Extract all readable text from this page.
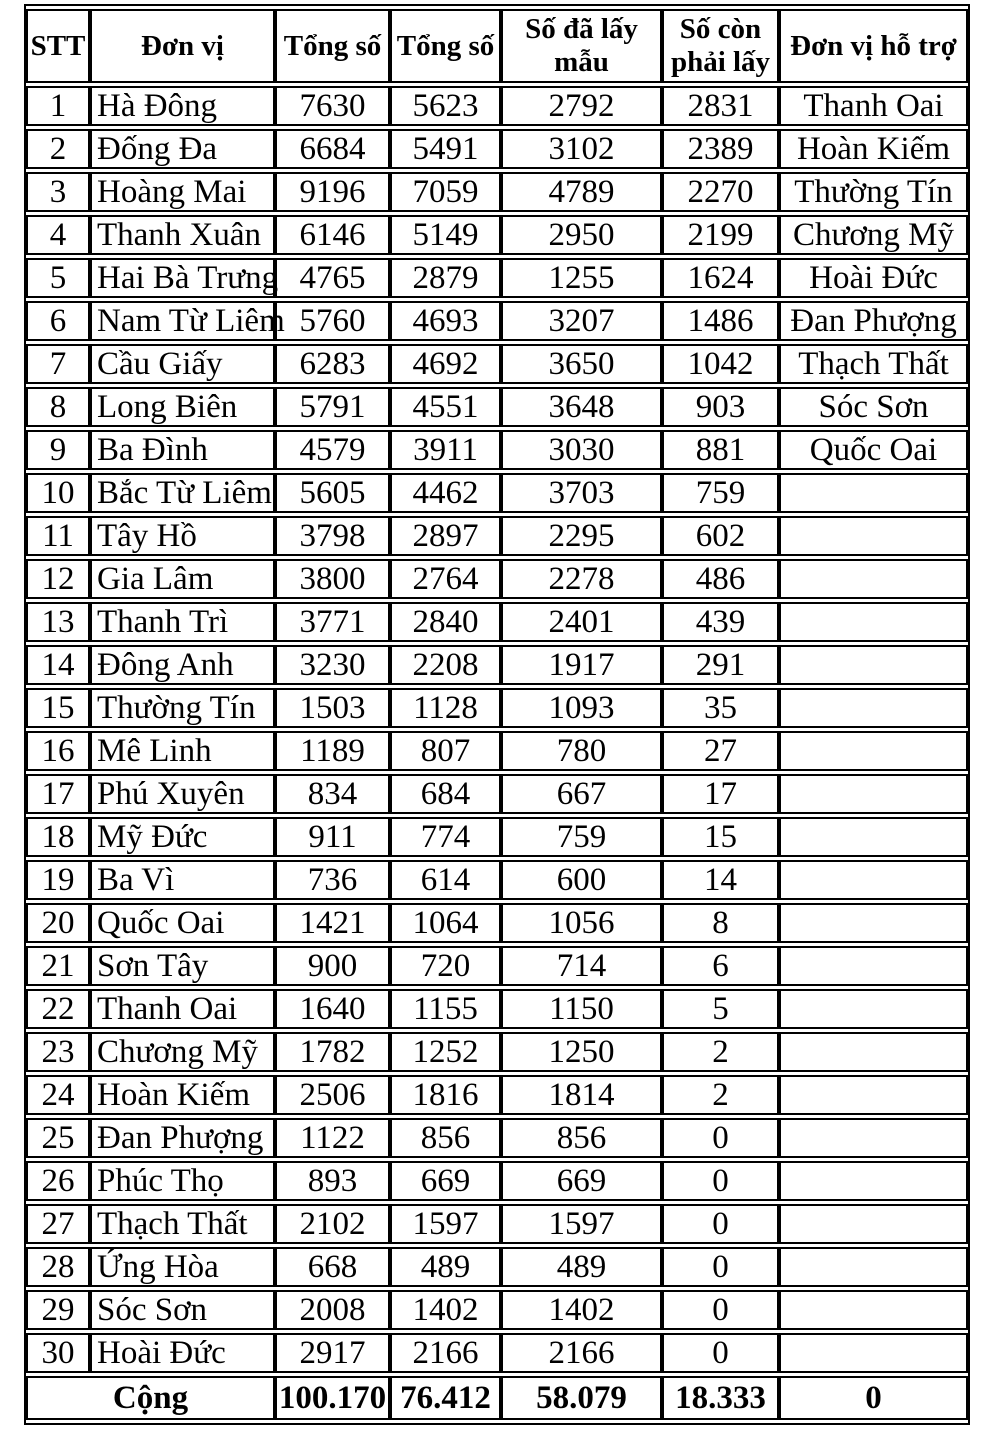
STT	Đơn vị	Tổng số	Tổng số	Số đã lấy mẫu	Số còn phải lấy	Đơn vị hỗ trợ
1	Hà Đông	7630	5623	2792	2831	Thanh Oai
2	Đống Đa	6684	5491	3102	2389	Hoàn Kiếm
3	Hoàng Mai	9196	7059	4789	2270	Thường Tín
4	Thanh Xuân	6146	5149	2950	2199	Chương Mỹ
5	Hai Bà Trưng	4765	2879	1255	1624	Hoài Đức
6	Nam Từ Liêm	5760	4693	3207	1486	Đan Phượng
7	Cầu Giấy	6283	4692	3650	1042	Thạch Thất
8	Long Biên	5791	4551	3648	903	Sóc Sơn
9	Ba Đình	4579	3911	3030	881	Quốc Oai
10	Bắc Từ Liêm	5605	4462	3703	759	
11	Tây Hồ	3798	2897	2295	602	
12	Gia Lâm	3800	2764	2278	486	
13	Thanh Trì	3771	2840	2401	439	
14	Đông Anh	3230	2208	1917	291	
15	Thường Tín	1503	1128	1093	35	
16	Mê Linh	1189	807	780	27	
17	Phú Xuyên	834	684	667	17	
18	Mỹ Đức	911	774	759	15	
19	Ba Vì	736	614	600	14	
20	Quốc Oai	1421	1064	1056	8	
21	Sơn Tây	900	720	714	6	
22	Thanh Oai	1640	1155	1150	5	
23	Chương Mỹ	1782	1252	1250	2	
24	Hoàn Kiếm	2506	1816	1814	2	
25	Đan Phượng	1122	856	856	0	
26	Phúc Thọ	893	669	669	0	
27	Thạch Thất	2102	1597	1597	0	
28	Ứng Hòa	668	489	489	0	
29	Sóc Sơn	2008	1402	1402	0	
30	Hoài Đức	2917	2166	2166	0	
Cộng		100.170	76.412	58.079	18.333	0
